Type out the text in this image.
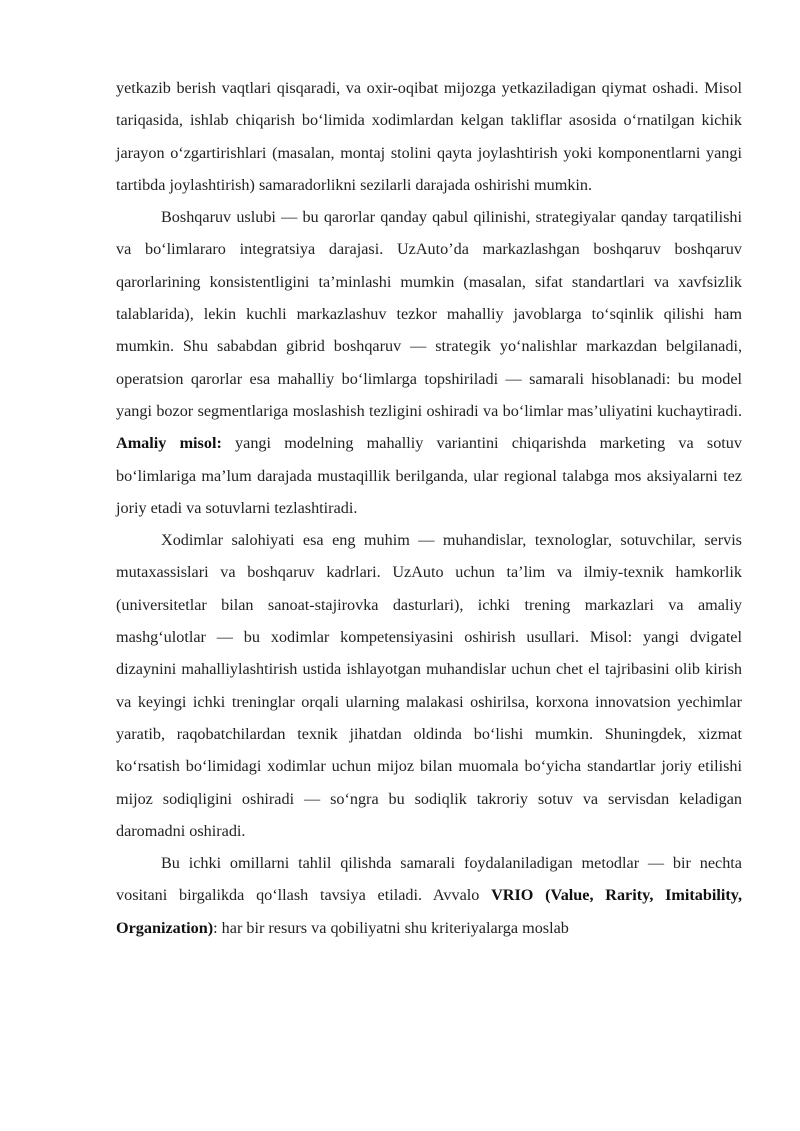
yetkazib berish vaqtlari qisqaradi, va oxir-oqibat mijozga yetkaziladigan qiymat oshadi. Misol tariqasida, ishlab chiqarish bo‘limida xodimlardan kelgan takliflar asosida o‘rnatilgan kichik jarayon o‘zgartirishlari (masalan, montaj stolini qayta joylashtirish yoki komponentlarni yangi tartibda joylashtirish) samaradorlikni sezilarli darajada oshirishi mumkin.

Boshqaruv uslubi — bu qarorlar qanday qabul qilinishi, strategiyalar qanday tarqatilishi va bo‘limlararo integratsiya darajasi. UzAuto’da markazlashgan boshqaruv boshqaruv qarorlarining konsistentligini ta’minlashi mumkin (masalan, sifat standartlari va xavfsizlik talablarida), lekin kuchli markazlashuv tezkor mahalliy javoblarga to‘sqinlik qilishi ham mumkin. Shu sababdan gibrid boshqaruv — strategik yo‘nalishlar markazdan belgilanadi, operatsion qarorlar esa mahalliy bo‘limlarga topshiriladi — samarali hisoblanadi: bu model yangi bozor segmentlariga moslashish tezligini oshiradi va bo‘limlar mas’uliyatini kuchaytiradi. Amaliy misol: yangi modelning mahalliy variantini chiqarishda marketing va sotuv bo‘limlariga ma’lum darajada mustaqillik berilganda, ular regional talabga mos aksiyalarni tez joriy etadi va sotuvlarni tezlashtiradi.

Xodimlar salohiyati esa eng muhim — muhandislar, texnologlar, sotuvchilar, servis mutaxassislari va boshqaruv kadrlari. UzAuto uchun ta’lim va ilmiy-texnik hamkorlik (universitetlar bilan sanoat-stajirovka dasturlari), ichki trening markazlari va amaliy mashg‘ulotlar — bu xodimlar kompetensiyasini oshirish usullari. Misol: yangi dvigatel dizaynini mahalliylashtirish ustida ishlayotgan muhandislar uchun chet el tajribasini olib kirish va keyingi ichki treninglar orqali ularning malakasi oshirilsa, korxona innovatsion yechimlar yaratib, raqobatchilardan texnik jihatdan oldinda bo‘lishi mumkin. Shuningdek, xizmat ko‘rsatish bo‘limidagi xodimlar uchun mijoz bilan muomala bo‘yicha standartlar joriy etilishi mijoz sodiqligini oshiradi — so‘ngra bu sodiqlik takroriy sotuv va servisdan keladigan daromadni oshiradi.

Bu ichki omillarni tahlil qilishda samarali foydalaniladigan metodlar — bir nechta vositani birgalikda qo‘llash tavsiya etiladi. Avvalo VRIO (Value, Rarity, Imitability, Organization): har bir resurs va qobiliyatni shu kriteriyalarga moslab
